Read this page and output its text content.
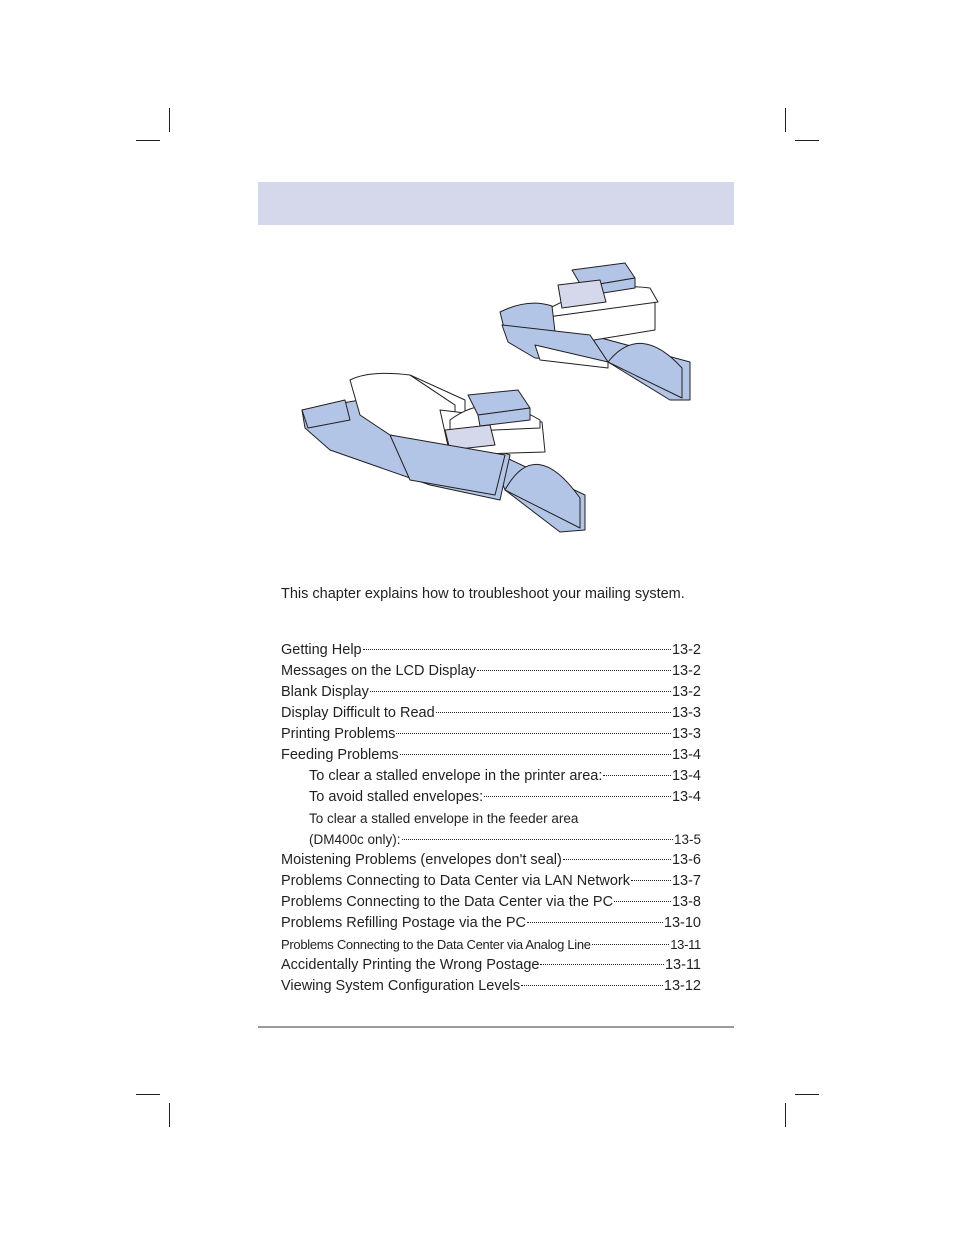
This chapter explains how to troubleshoot your mailing system.
Getting Help	13-2
Messages on the LCD Display	13-2
Blank Display	13-2
Display Difficult to Read	13-3
Printing Problems	13-3
Feeding Problems	13-4
To clear a stalled envelope in the printer area:	13-4
To avoid stalled envelopes:	13-4
To clear a stalled envelope in the feeder area
(DM400c only):	13-5
Moistening Problems (envelopes don't seal)	13-6
Problems Connecting to Data Center via LAN Network	13-7
Problems Connecting to the Data Center via the PC	13-8
Problems Refilling Postage via the PC	13-10
Problems Connecting to the Data Center via Analog Line	13-11
Accidentally Printing the Wrong Postage	13-11
Viewing System Configuration Levels	13-12
